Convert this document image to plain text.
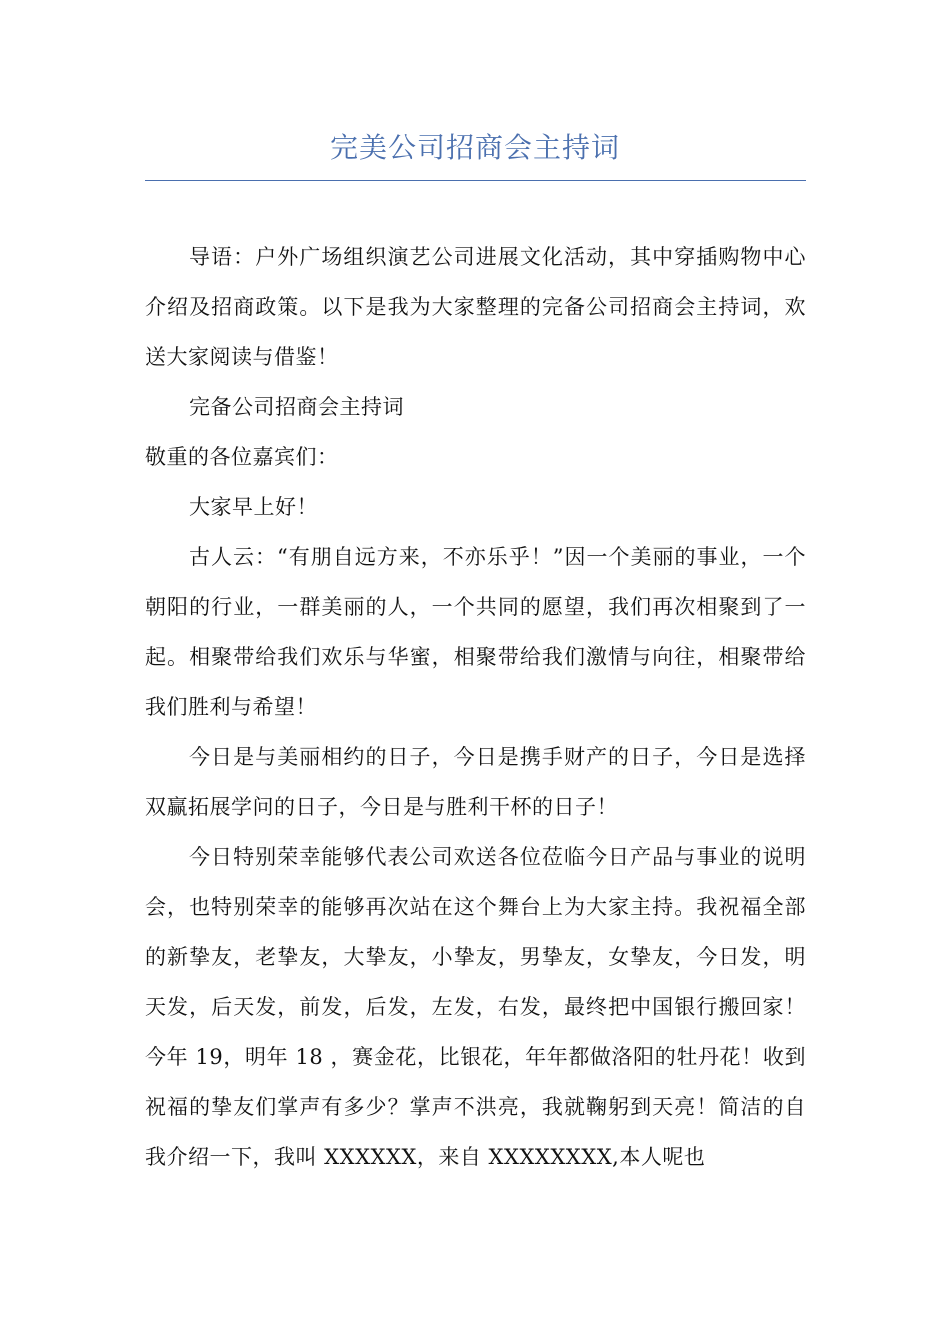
完美公司招商会主持词

导语：户外广场组织演艺公司进展文化活动，其中穿插购物中心介绍及招商政策。以下是我为大家整理的完备公司招商会主持词，欢送大家阅读与借鉴！

完备公司招商会主持词

敬重的各位嘉宾们：

大家早上好！

古人云：“有朋自远方来，不亦乐乎！”因一个美丽的事业，一个朝阳的行业，一群美丽的人，一个共同的愿望，我们再次相聚到了一起。相聚带给我们欢乐与华蜜，相聚带给我们激情与向往，相聚带给我们胜利与希望！

今日是与美丽相约的日子，今日是携手财产的日子，今日是选择双赢拓展学问的日子，今日是与胜利干杯的日子！

今日特别荣幸能够代表公司欢送各位莅临今日产品与事业的说明会，也特别荣幸的能够再次站在这个舞台上为大家主持。我祝福全部的新挚友，老挚友，大挚友，小挚友，男挚友，女挚友，今日发，明天发，后天发，前发，后发，左发，右发，最终把中国银行搬回家！今年 19，明年 18 ，赛金花，比银花，年年都做洛阳的牡丹花！收到祝福的挚友们掌声有多少？掌声不洪亮，我就鞠躬到天亮！简洁的自我介绍一下，我叫 XXXXXX，来自 XXXXXXXX,本人呢也
